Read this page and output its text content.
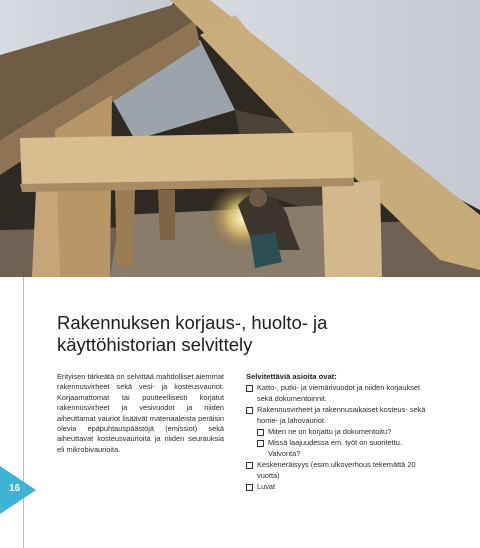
16
Rakennuksen korjaus-, huolto- ja käyttöhistorian selvittely

Erityisen tärkeätä on selvittää mahdolliset aiemmat rakennusvirheet sekä vesi- ja kosteusvauriot. Korjaamattomat tai puutteellisesti korjatut rakennusvirheet ja vesivuodot ja niiden aiheuttamat vauriot lisäävät materiaaleista peräisin olevia epäpuhtauspäästöjä (emissiot) sekä aiheuttavat kosteusvaurioita ja niiden seurauksia eli mikrobivaurioita.

Selvitettäviä asioita ovat:

Katto-, putki- ja viemärivuodot ja niiden korjaukset sekä dokumentoinnit.
Rakennusvirheet ja rakennusaikaiset kosteus- sekä home- ja lahovauriot.
Miten ne on korjattu ja dokumentoitu?
Missä laajuudessa em. työt on suoritettu. Valvonta?
Keskeneräisyys (esim ulkoverhous tekemättä 20 vuotta)
Luvat
